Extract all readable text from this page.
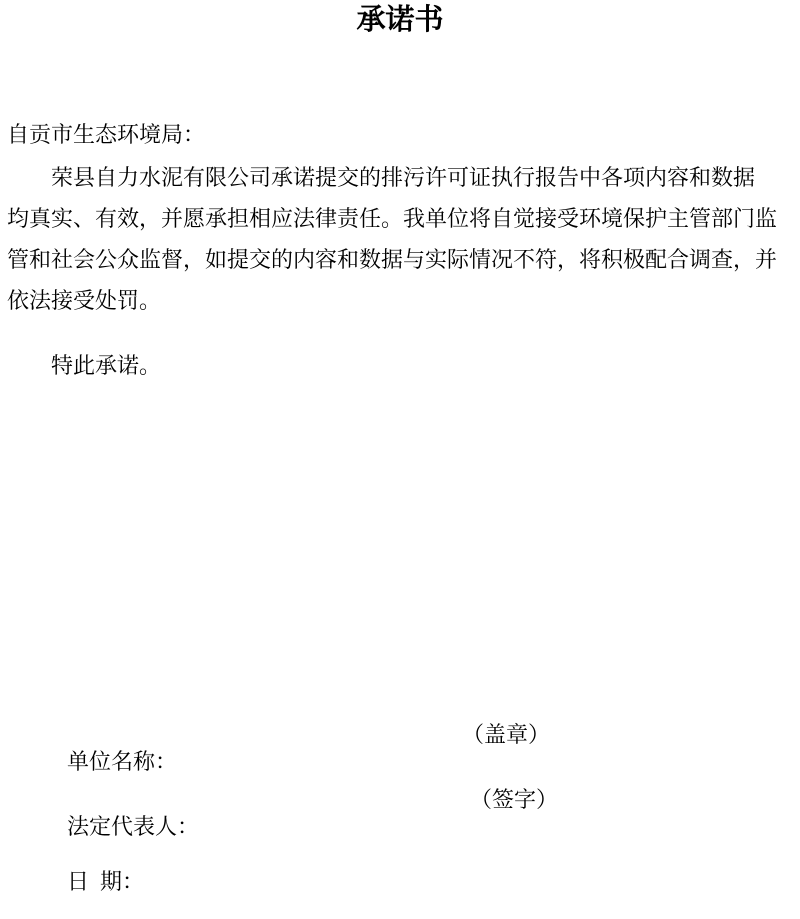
承诺书
自贡市生态环境局：
荣县自力水泥有限公司承诺提交的排污许可证执行报告中各项内容和数据
均真实、有效，并愿承担相应法律责任。我单位将自觉接受环境保护主管部门监
管和社会公众监督，如提交的内容和数据与实际情况不符，将积极配合调查，并
依法接受处罚。
特此承诺。

单位名称：

（盖章）

法定代表人：

（签字）

日  期：
